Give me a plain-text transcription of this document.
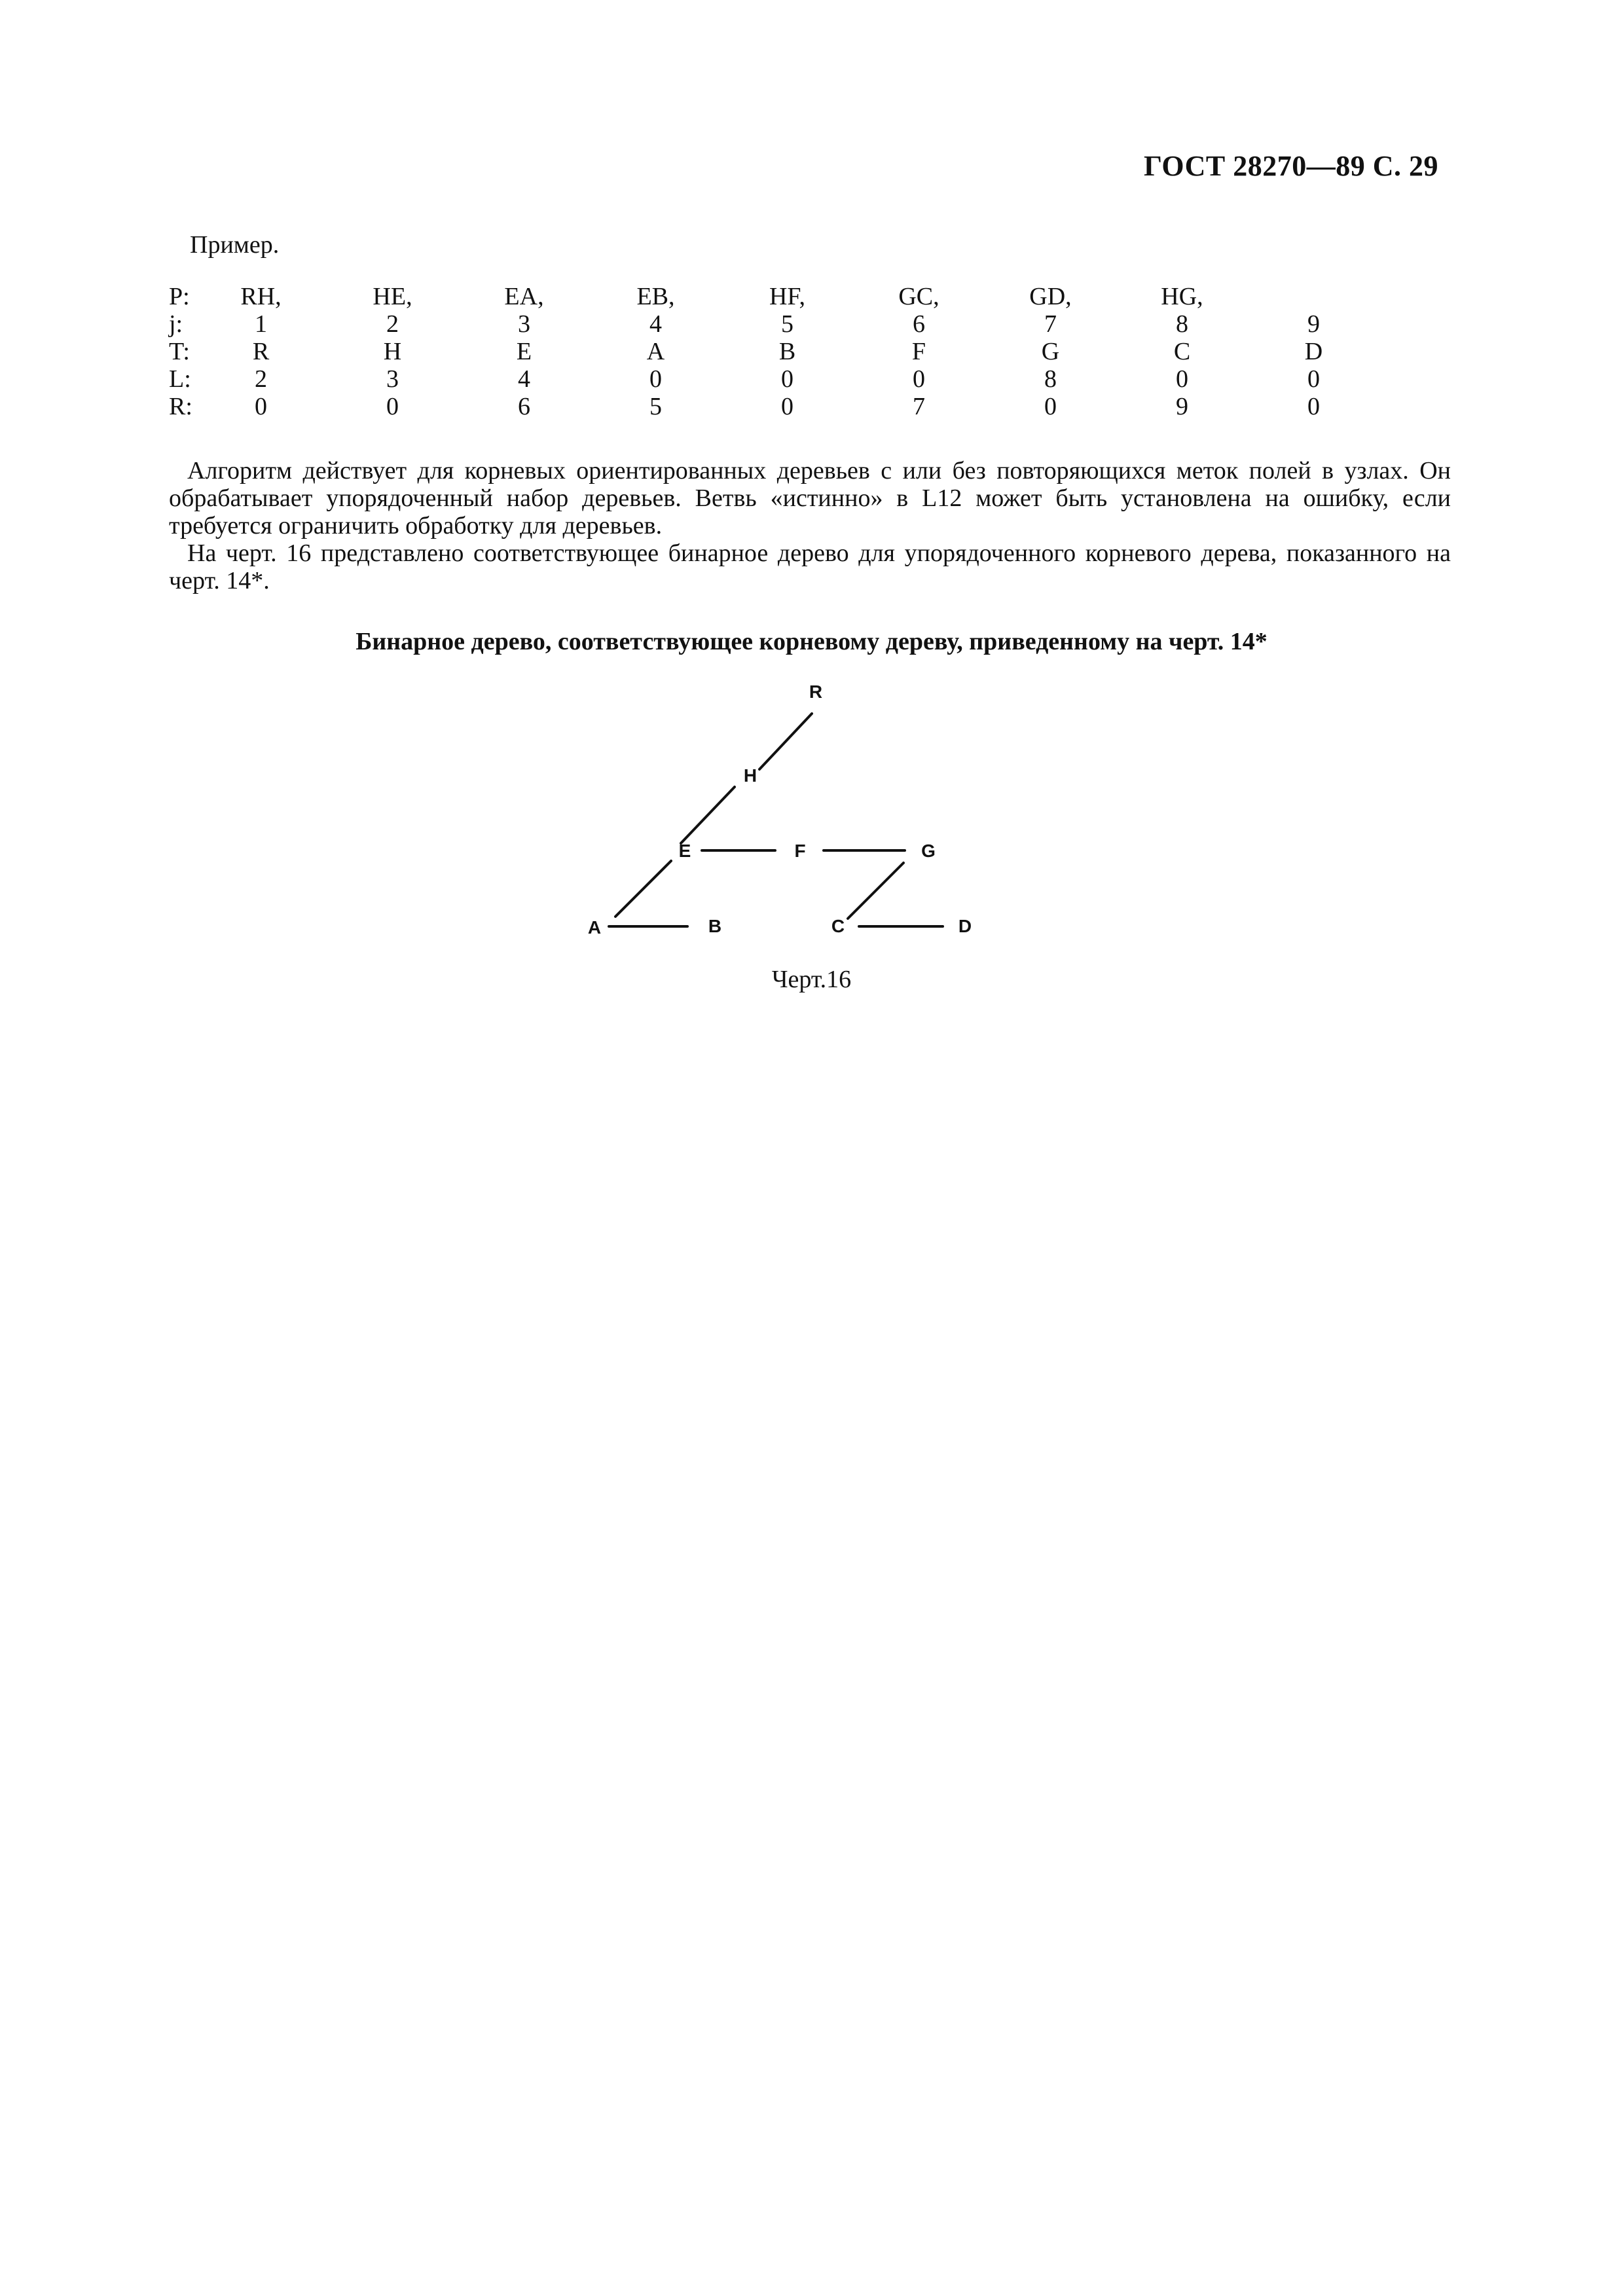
ГОСТ 28270—89 С. 29
Пример.
P:	RH,	HE,	EA,	EB,	HF,	GC,	GD,	HG,	
j:	1	2	3	4	5	6	7	8	9
T:	R	H	E	A	B	F	G	C	D
L:	2	3	4	0	0	0	8	0	0
R:	0	0	6	5	0	7	0	9	0
Алгоритм действует для корневых ориентированных деревьев с или без повторяющихся меток полей в узлах. Он обрабатывает упорядоченный набор деревьев. Ветвь «истинно» в L12 может быть установлена на ошибку, если требуется ограничить обработку для деревьев.
На черт. 16 представлено соответствующее бинарное дерево для упорядоченного корневого дерева, показанного на черт. 14*.
Бинарное дерево, соответствующее корневому дереву, приведенному на черт. 14*
R
H
E	F	G
A	B	C	D
Черт.16
